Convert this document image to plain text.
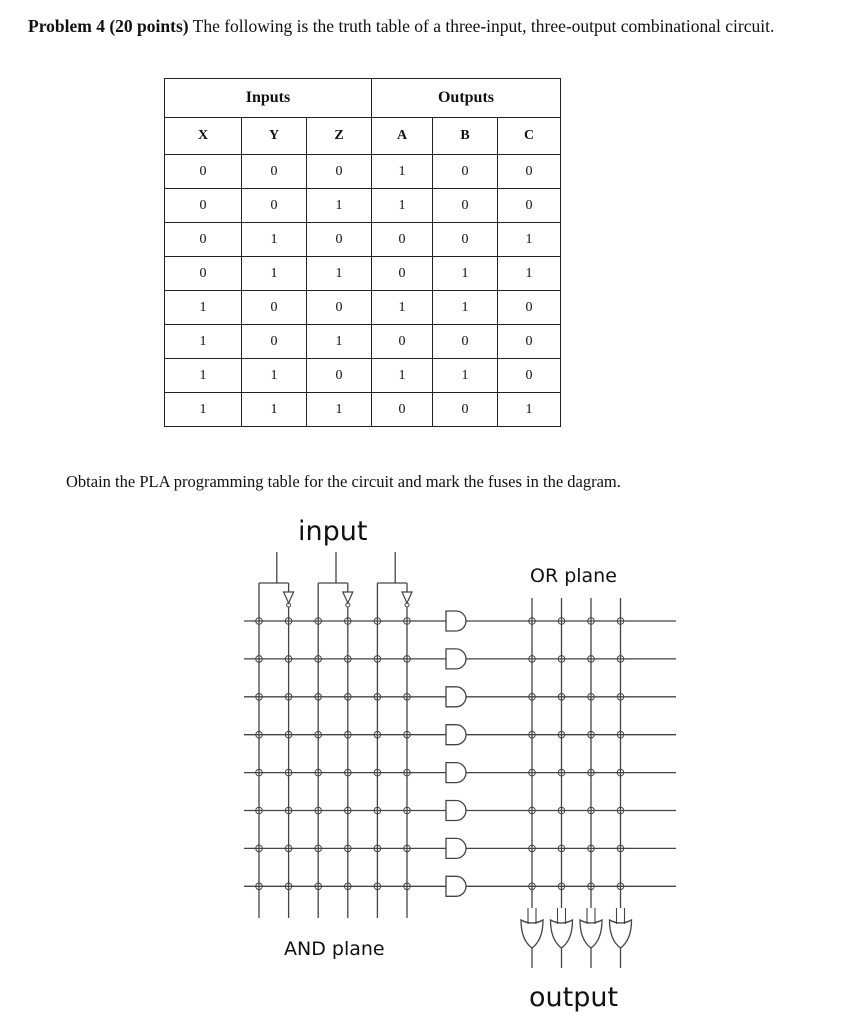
Problem 4 (20 points) The following is the truth table of a three-input, three-output combinational circuit.
Inputs			Outputs		
X	Y	Z	A	B	C
0	0	0	1	0	0
0	0	1	1	0	0
0	1	0	0	0	1
0	1	1	0	1	1
1	0	0	1	1	0
1	0	1	0	0	0
1	1	0	1	1	0
1	1	1	0	0	1
Obtain the PLA programming table for the circuit and mark the fuses in the dagram.
input
OR plane
AND plane
output
